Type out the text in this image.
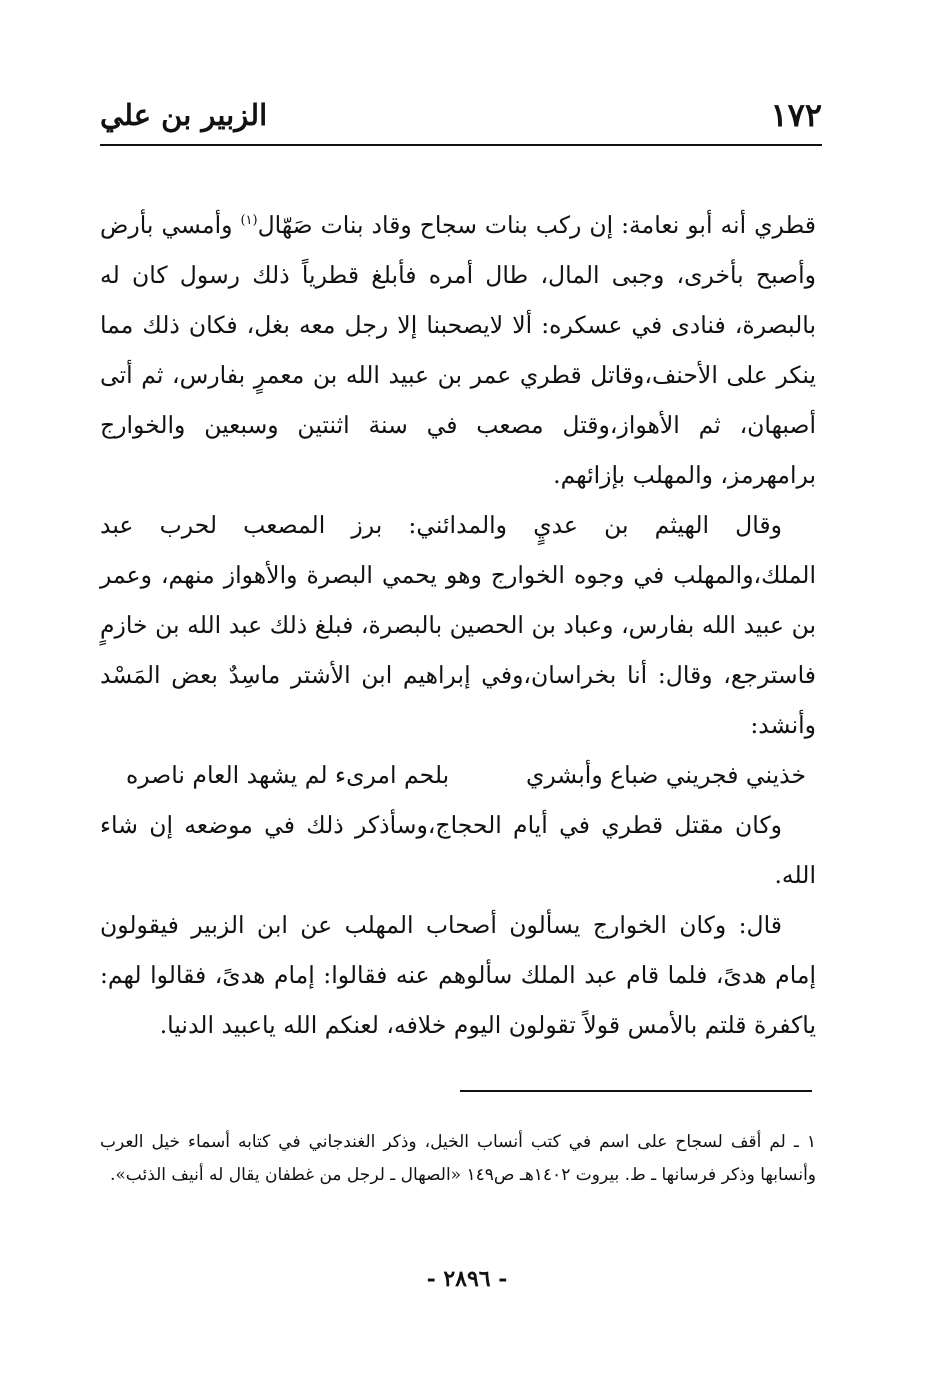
١٧٢
الزبير بن علي

قطري أنه أبو نعامة: إن ركب بنات سجاح وقاد بنات صَهّال$^{(١)}$ وأمسي بأرض وأصبح بأخرى، وجبى المال، طال أمره فأبلغ قطرياً ذلك رسول كان له بالبصرة، فنادى في عسكره: ألا لايصحبنا إلا رجل معه بغل، فكان ذلك مما ينكر على الأحنف،وقاتل قطري عمر بن عبيد الله بن معمرٍ بفارس، ثم أتى أصبهان، ثم الأهواز،وقتل مصعب في سنة اثنتين وسبعين والخوارج برامهرمز، والمهلب بإزائهم.

وقال الهيثم بن عديٍ والمدائني: برز المصعب لحرب عبد الملك،والمهلب في وجوه الخوارج وهو يحمي البصرة والأهواز منهم، وعمر بن عبيد الله بفارس، وعباد بن الحصين بالبصرة، فبلغ ذلك عبد الله بن خازمٍ فاسترجع، وقال: أنا بخراسان،وفي إبراهيم ابن الأشتر ماسِدٌ بعض المَسْد وأنشد:

خذيني فجريني ضباع وأبشري
بلحم امرىء لم يشهد العام ناصره

وكان مقتل قطري في أيام الحجاج،وسأذكر ذلك في موضعه إن شاء الله.

قال: وكان الخوارج يسألون أصحاب المهلب عن ابن الزبير فيقولون إمام هدىً، فلما قام عبد الملك سألوهم عنه فقالوا: إمام هدىً، فقالوا لهم: ياكفرة قلتم بالأمس قولاً تقولون اليوم خلافه، لعنكم الله ياعبيد الدنيا.

١ ـ لم أقف لسجاح على اسم في كتب أنساب الخيل، وذكر الغندجاني في كتابه أسماء خيل العرب وأنسابها وذكر فرسانها ـ ط. بيروت ١٤٠٢هـ ص١٤٩ «الصهال ـ لرجل من غطفان يقال له أنيف الذئب».

- ٢٨٩٦ -
